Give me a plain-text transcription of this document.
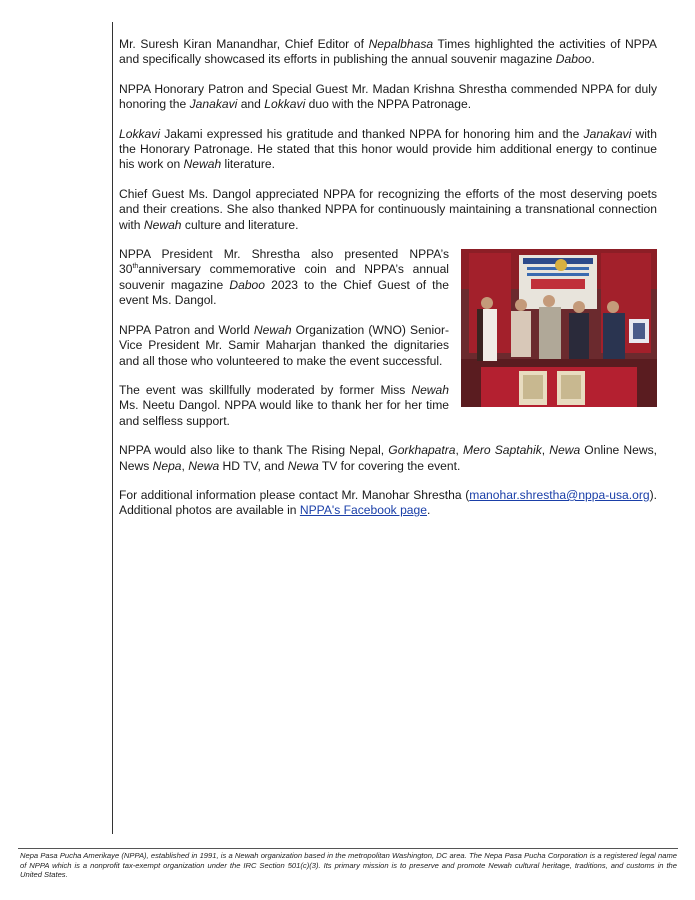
Mr. Suresh Kiran Manandhar, Chief Editor of Nepalbhasa Times highlighted the activities of NPPA and specifically showcased its efforts in publishing the annual souvenir magazine Daboo.

NPPA Honorary Patron and Special Guest Mr. Madan Krishna Shrestha commended NPPA for duly honoring the Janakavi and Lokkavi duo with the NPPA Patronage.

Lokkavi Jakami expressed his gratitude and thanked NPPA for honoring him and the Janakavi with the Honorary Patronage. He stated that this honor would provide him additional energy to continue his work on Newah literature.

Chief Guest Ms. Dangol appreciated NPPA for recognizing the efforts of the most deserving poets and their creations. She also thanked NPPA for continuously maintaining a transnational connection with Newah culture and literature.

NPPA President Mr. Shrestha also presented NPPA’s 30thanniversary commemorative coin and NPPA’s annual souvenir magazine Daboo 2023 to the Chief Guest of the event Ms. Dangol.

NPPA Patron and World Newah Organization (WNO) Senior-Vice President Mr. Samir Maharjan thanked the dignitaries and all those who volunteered to make the event successful.

The event was skillfully moderated by former Miss Newah Ms. Neetu Dangol. NPPA would like to thank her for her time and selfless support.

NPPA would also like to thank The Rising Nepal, Gorkhapatra, Mero Saptahik, Newa Online News, News Nepa, Newa HD TV, and Newa TV for covering the event.

For additional information please contact Mr. Manohar Shrestha (manohar.shrestha@nppa-usa.org). Additional photos are available in NPPA's Facebook page.

Nepa Pasa Pucha Amerikaye (NPPA), established in 1991, is a Newah organization based in the metropolitan Washington, DC area. The Nepa Pasa Pucha Corporation is a registered legal name of NPPA which is a nonprofit tax-exempt organization under the IRC Section 501(c)(3). Its primary mission is to preserve and promote Newah cultural heritage, traditions, and customs in the United States.
